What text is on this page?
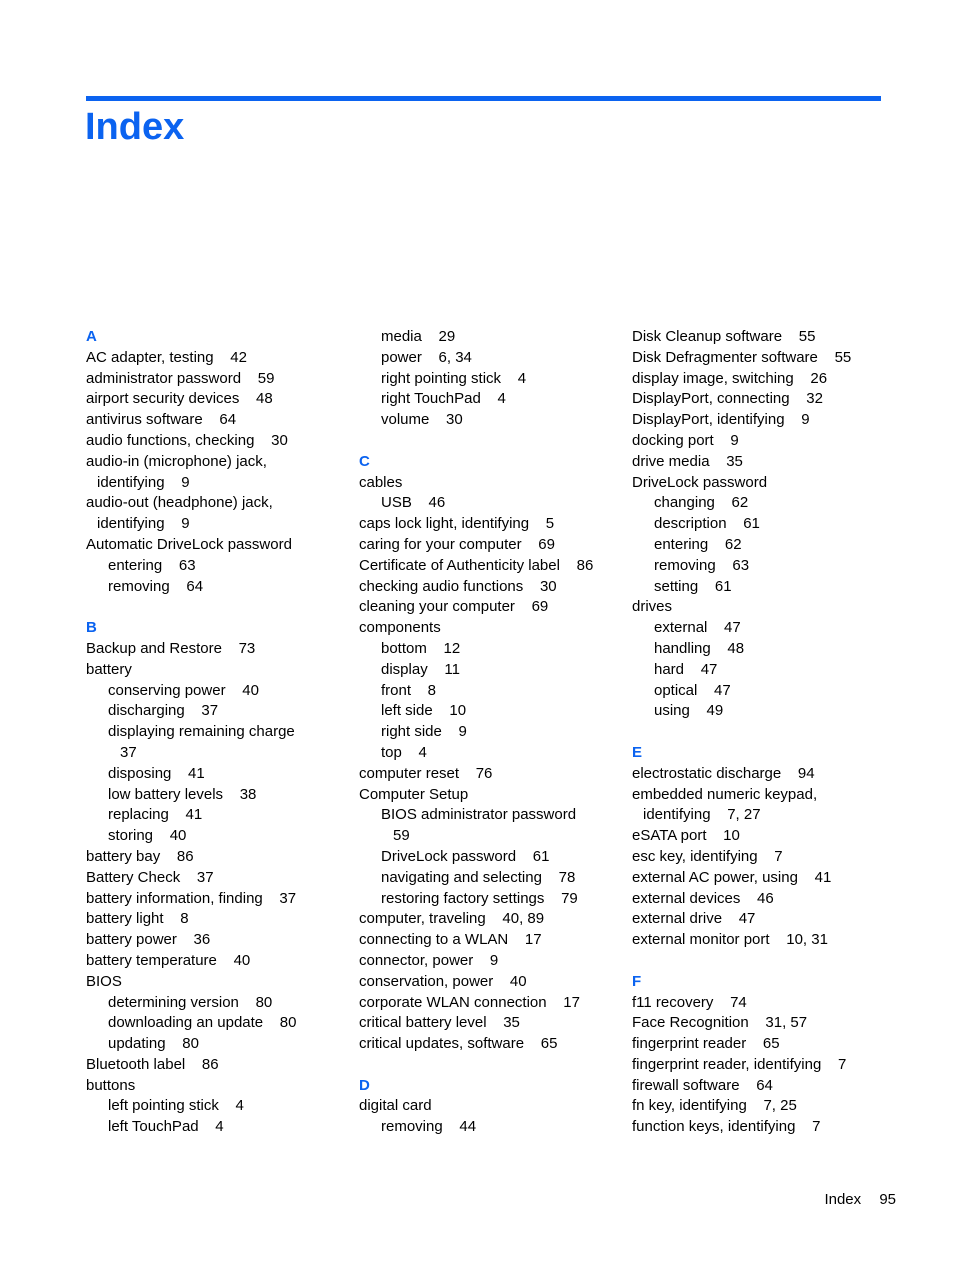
Index
A
AC adapter, testing    42
administrator password    59
airport security devices    48
antivirus software    64
audio functions, checking    30
audio-in (microphone) jack,
identifying    9
audio-out (headphone) jack,
identifying    9
Automatic DriveLock password
entering    63
removing    64
B
Backup and Restore    73
battery
conserving power    40
discharging    37
displaying remaining charge
37
disposing    41
low battery levels    38
replacing    41
storing    40
battery bay    86
Battery Check    37
battery information, finding    37
battery light    8
battery power    36
battery temperature    40
BIOS
determining version    80
downloading an update    80
updating    80
Bluetooth label    86
buttons
left pointing stick    4
left TouchPad    4
media    29
power    6, 34
right pointing stick    4
right TouchPad    4
volume    30
C
cables
USB    46
caps lock light, identifying    5
caring for your computer    69
Certificate of Authenticity label    86
checking audio functions    30
cleaning your computer    69
components
bottom    12
display    11
front    8
left side    10
right side    9
top    4
computer reset    76
Computer Setup
BIOS administrator password
59
DriveLock password    61
navigating and selecting    78
restoring factory settings    79
computer, traveling    40, 89
connecting to a WLAN    17
connector, power    9
conservation, power    40
corporate WLAN connection    17
critical battery level    35
critical updates, software    65
D
digital card
removing    44
Disk Cleanup software    55
Disk Defragmenter software    55
display image, switching    26
DisplayPort, connecting    32
DisplayPort, identifying    9
docking port    9
drive media    35
DriveLock password
changing    62
description    61
entering    62
removing    63
setting    61
drives
external    47
handling    48
hard    47
optical    47
using    49
E
electrostatic discharge    94
embedded numeric keypad,
identifying    7, 27
eSATA port    10
esc key, identifying    7
external AC power, using    41
external devices    46
external drive    47
external monitor port    10, 31
F
f11 recovery    74
Face Recognition    31, 57
fingerprint reader    65
fingerprint reader, identifying    7
firewall software    64
fn key, identifying    7, 25
function keys, identifying    7
Index 95
